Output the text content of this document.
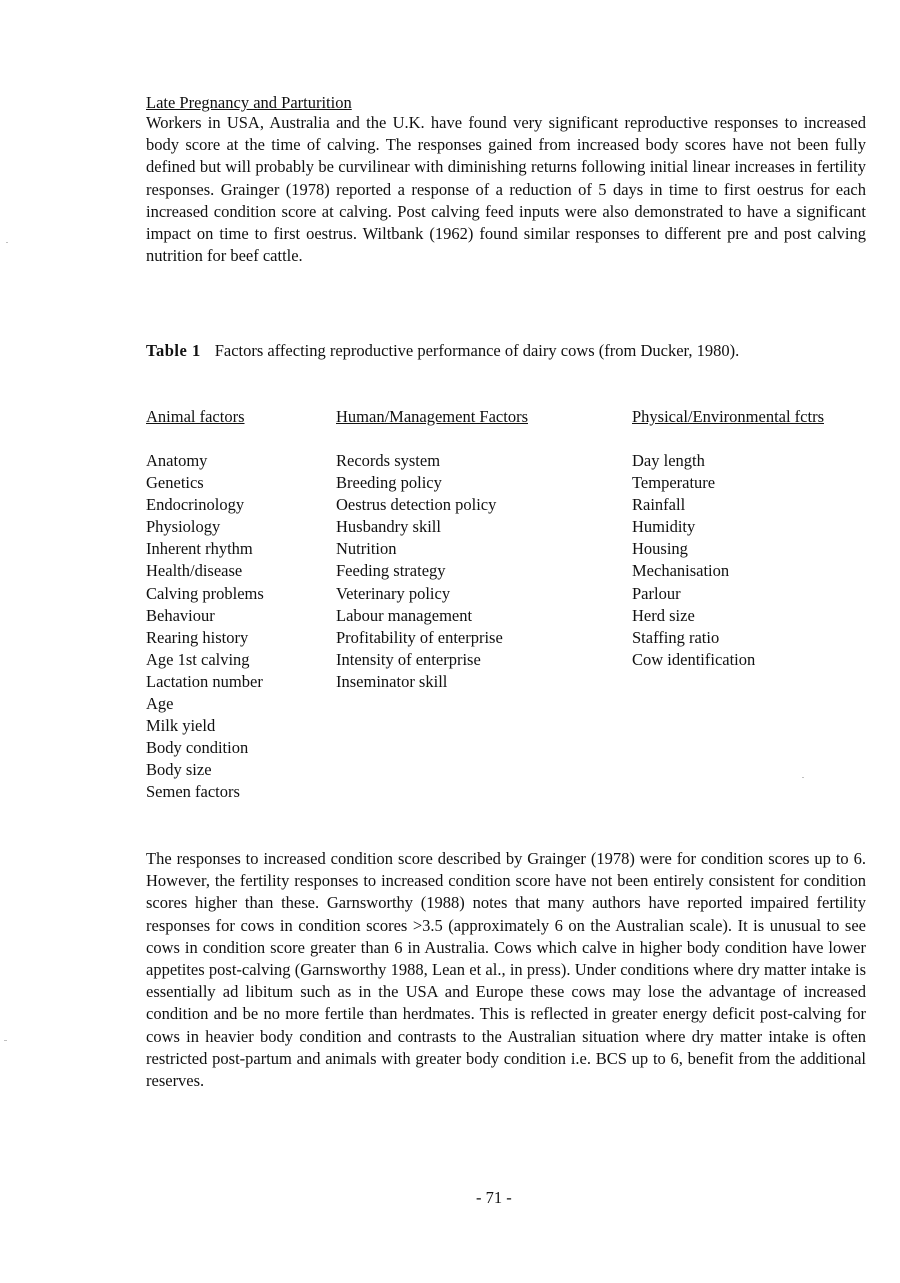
Late Pregnancy and Parturition

Workers in USA, Australia and the U.K. have found very significant reproductive responses to increased body score at the time of calving. The responses gained from increased body scores have not been fully defined but will probably be curvilinear with diminishing returns following initial linear increases in fertility responses. Grainger (1978) reported a response of a reduction of 5 days in time to first oestrus for each increased condition score at calving. Post calving feed inputs were also demonstrated to have a significant impact on time to first oestrus. Wiltbank (1962) found similar responses to different pre and post calving nutrition for beef cattle.

Table 1 Factors affecting reproductive performance of dairy cows (from Ducker, 1980).

Animal factors
Anatomy
Genetics
Endocrinology
Physiology
Inherent rhythm
Health/disease
Calving problems
Behaviour
Rearing history
Age 1st calving
Lactation number
Age
Milk yield
Body condition
Body size
Semen factors
Human/Management Factors
Records system
Breeding policy
Oestrus detection policy
Husbandry skill
Nutrition
Feeding strategy
Veterinary policy
Labour management
Profitability of enterprise
Intensity of enterprise
Inseminator skill
Physical/Environmental fctrs
Day length
Temperature
Rainfall
Humidity
Housing
Mechanisation
Parlour
Herd size
Staffing ratio
Cow identification

The responses to increased condition score described by Grainger (1978) were for condition scores up to 6. However, the fertility responses to increased condition score have not been entirely consistent for condition scores higher than these. Garnsworthy (1988) notes that many authors have reported impaired fertility responses for cows in condition scores >3.5 (approximately 6 on the Australian scale). It is unusual to see cows in condition score greater than 6 in Australia. Cows which calve in higher body condition have lower appetites post-calving (Garnsworthy 1988, Lean et al., in press). Under conditions where dry matter intake is essentially ad libitum such as in the USA and Europe these cows may lose the advantage of increased condition and be no more fertile than herdmates. This is reflected in greater energy deficit post-calving for cows in heavier body condition and contrasts to the Australian situation where dry matter intake is often restricted post-partum and animals with greater body condition i.e. BCS up to 6, benefit from the additional reserves.

- 71 -
